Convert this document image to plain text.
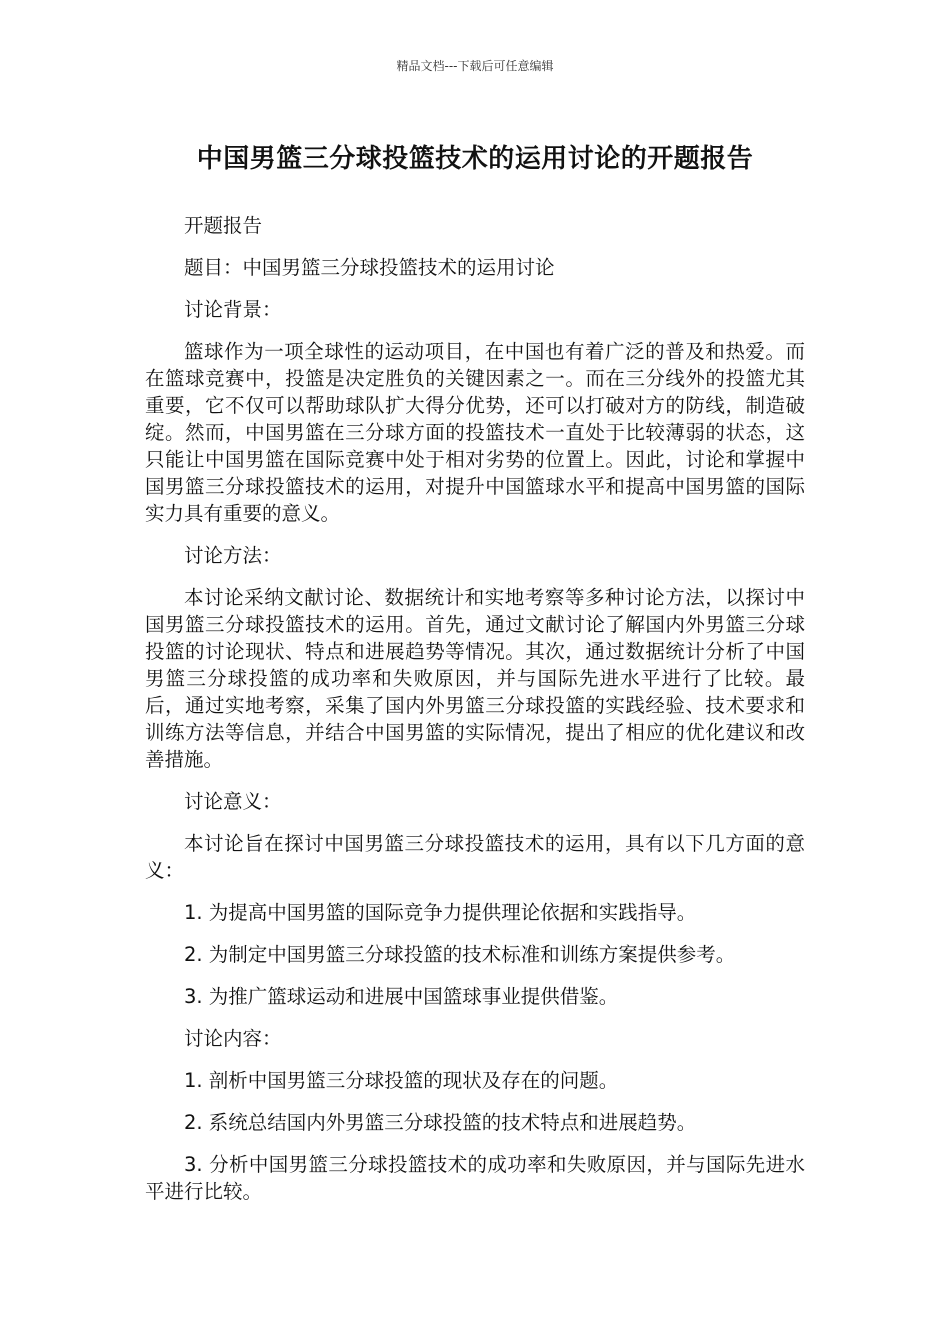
精品文档---下载后可任意编辑
中国男篮三分球投篮技术的运用讨论的开题报告

开题报告

题目：中国男篮三分球投篮技术的运用讨论

讨论背景：

篮球作为一项全球性的运动项目，在中国也有着广泛的普及和热爱。而在篮球竞赛中，投篮是决定胜负的关键因素之一。而在三分线外的投篮尤其重要，它不仅可以帮助球队扩大得分优势，还可以打破对方的防线，制造破绽。然而，中国男篮在三分球方面的投篮技术一直处于比较薄弱的状态，这只能让中国男篮在国际竞赛中处于相对劣势的位置上。因此，讨论和掌握中国男篮三分球投篮技术的运用，对提升中国篮球水平和提高中国男篮的国际实力具有重要的意义。

讨论方法：

本讨论采纳文献讨论、数据统计和实地考察等多种讨论方法，以探讨中国男篮三分球投篮技术的运用。首先，通过文献讨论了解国内外男篮三分球投篮的讨论现状、特点和进展趋势等情况。其次，通过数据统计分析了中国男篮三分球投篮的成功率和失败原因，并与国际先进水平进行了比较。最后，通过实地考察，采集了国内外男篮三分球投篮的实践经验、技术要求和训练方法等信息，并结合中国男篮的实际情况，提出了相应的优化建议和改善措施。

讨论意义：

本讨论旨在探讨中国男篮三分球投篮技术的运用，具有以下几方面的意义：

1. 为提高中国男篮的国际竞争力提供理论依据和实践指导。

2. 为制定中国男篮三分球投篮的技术标准和训练方案提供参考。

3. 为推广篮球运动和进展中国篮球事业提供借鉴。

讨论内容：

1. 剖析中国男篮三分球投篮的现状及存在的问题。

2. 系统总结国内外男篮三分球投篮的技术特点和进展趋势。

3. 分析中国男篮三分球投篮技术的成功率和失败原因，并与国际先进水平进行比较。
